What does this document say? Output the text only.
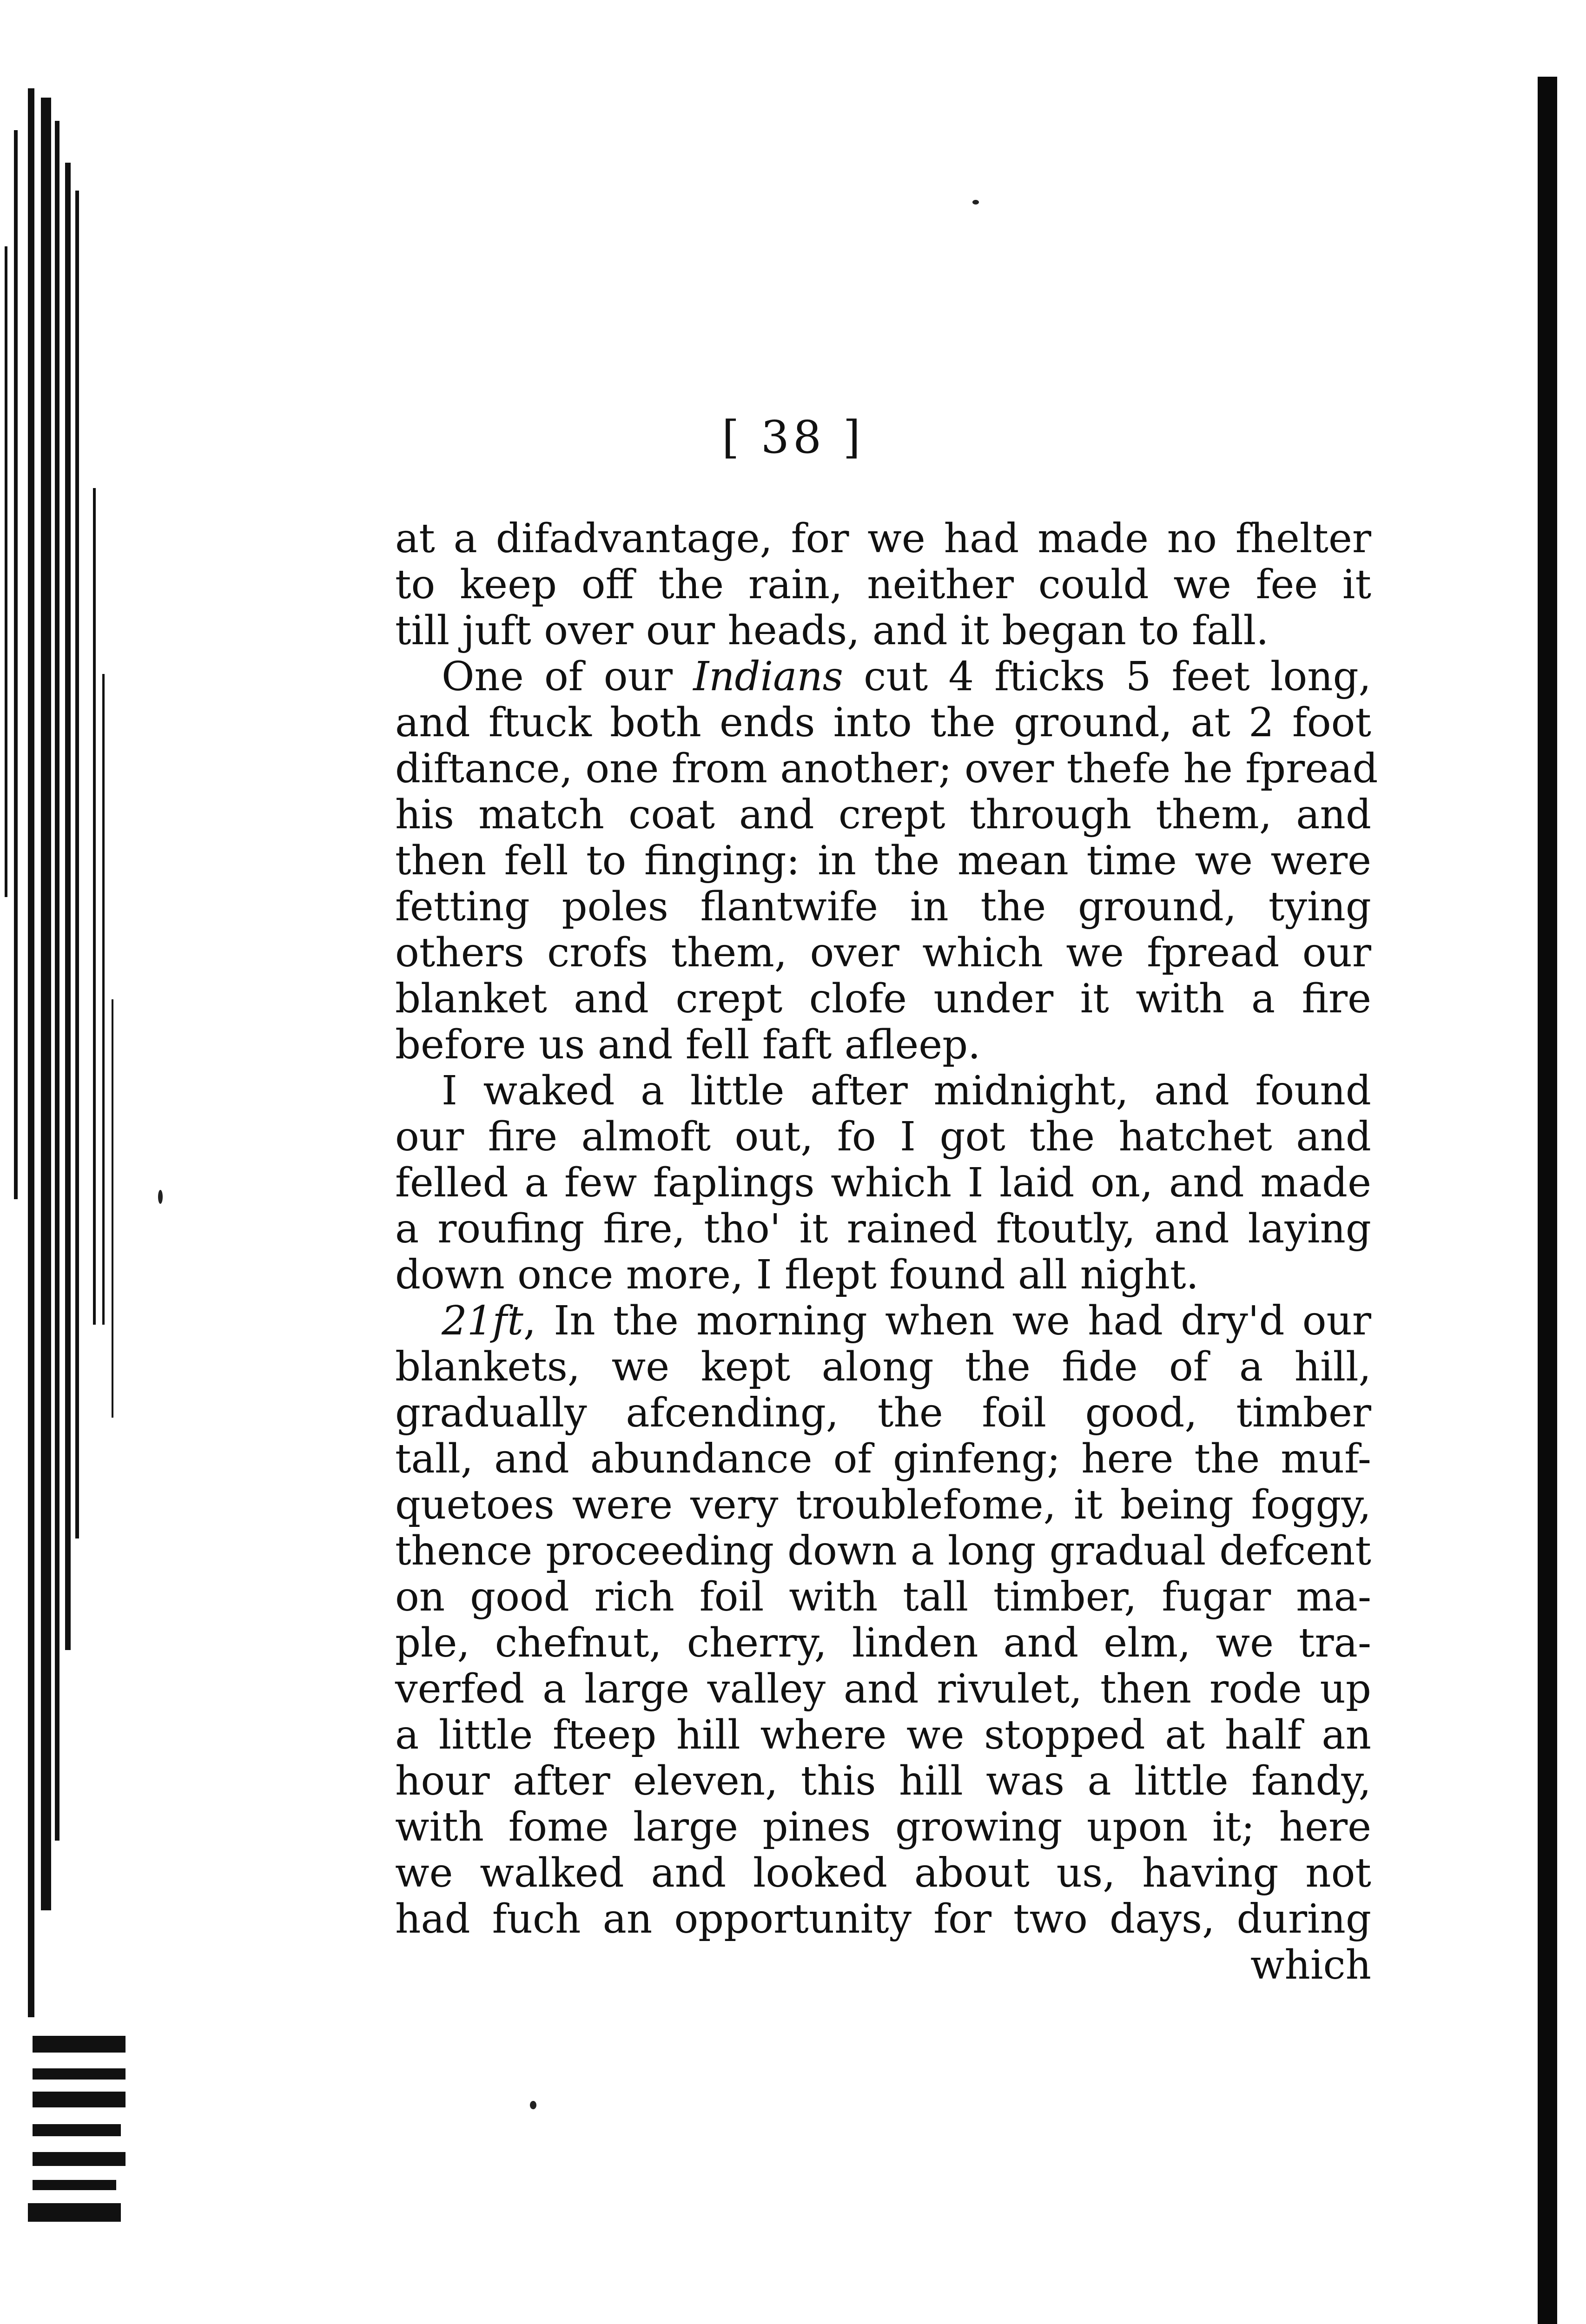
[ 38 ]
at a difadvantage, for we had made no fhelter
to keep off the rain, neither could we fee it
till juft over our heads, and it began to fall.
One of our Indians cut 4 fticks 5 feet long,
and ftuck both ends into the ground, at 2 foot
diftance, one from another; over thefe he fpread
his match coat and crept through them, and
then fell to finging: in the mean time we were
fetting poles flantwife in the ground, tying
others crofs them, over which we fpread our
blanket and crept clofe under it with a fire
before us and fell faft afleep.
I waked a little after midnight, and found
our fire almoft out, fo I got the hatchet and
felled a few faplings which I laid on, and made
a roufing fire, tho' it rained ftoutly, and laying
down once more, I flept found all night.
21ft, In the morning when we had dry'd our
blankets, we kept along the fide of a hill,
gradually afcending, the foil good, timber
tall, and abundance of ginfeng; here the muf-
quetoes were very troublefome, it being foggy,
thence proceeding down a long gradual defcent
on good rich foil with tall timber, fugar ma-
ple, chefnut, cherry, linden and elm, we tra-
verfed a large valley and rivulet, then rode up
a little fteep hill where we stopped at half an
hour after eleven, this hill was a little fandy,
with fome large pines growing upon it; here
we walked and looked about us, having not
had fuch an opportunity for two days, during
which
